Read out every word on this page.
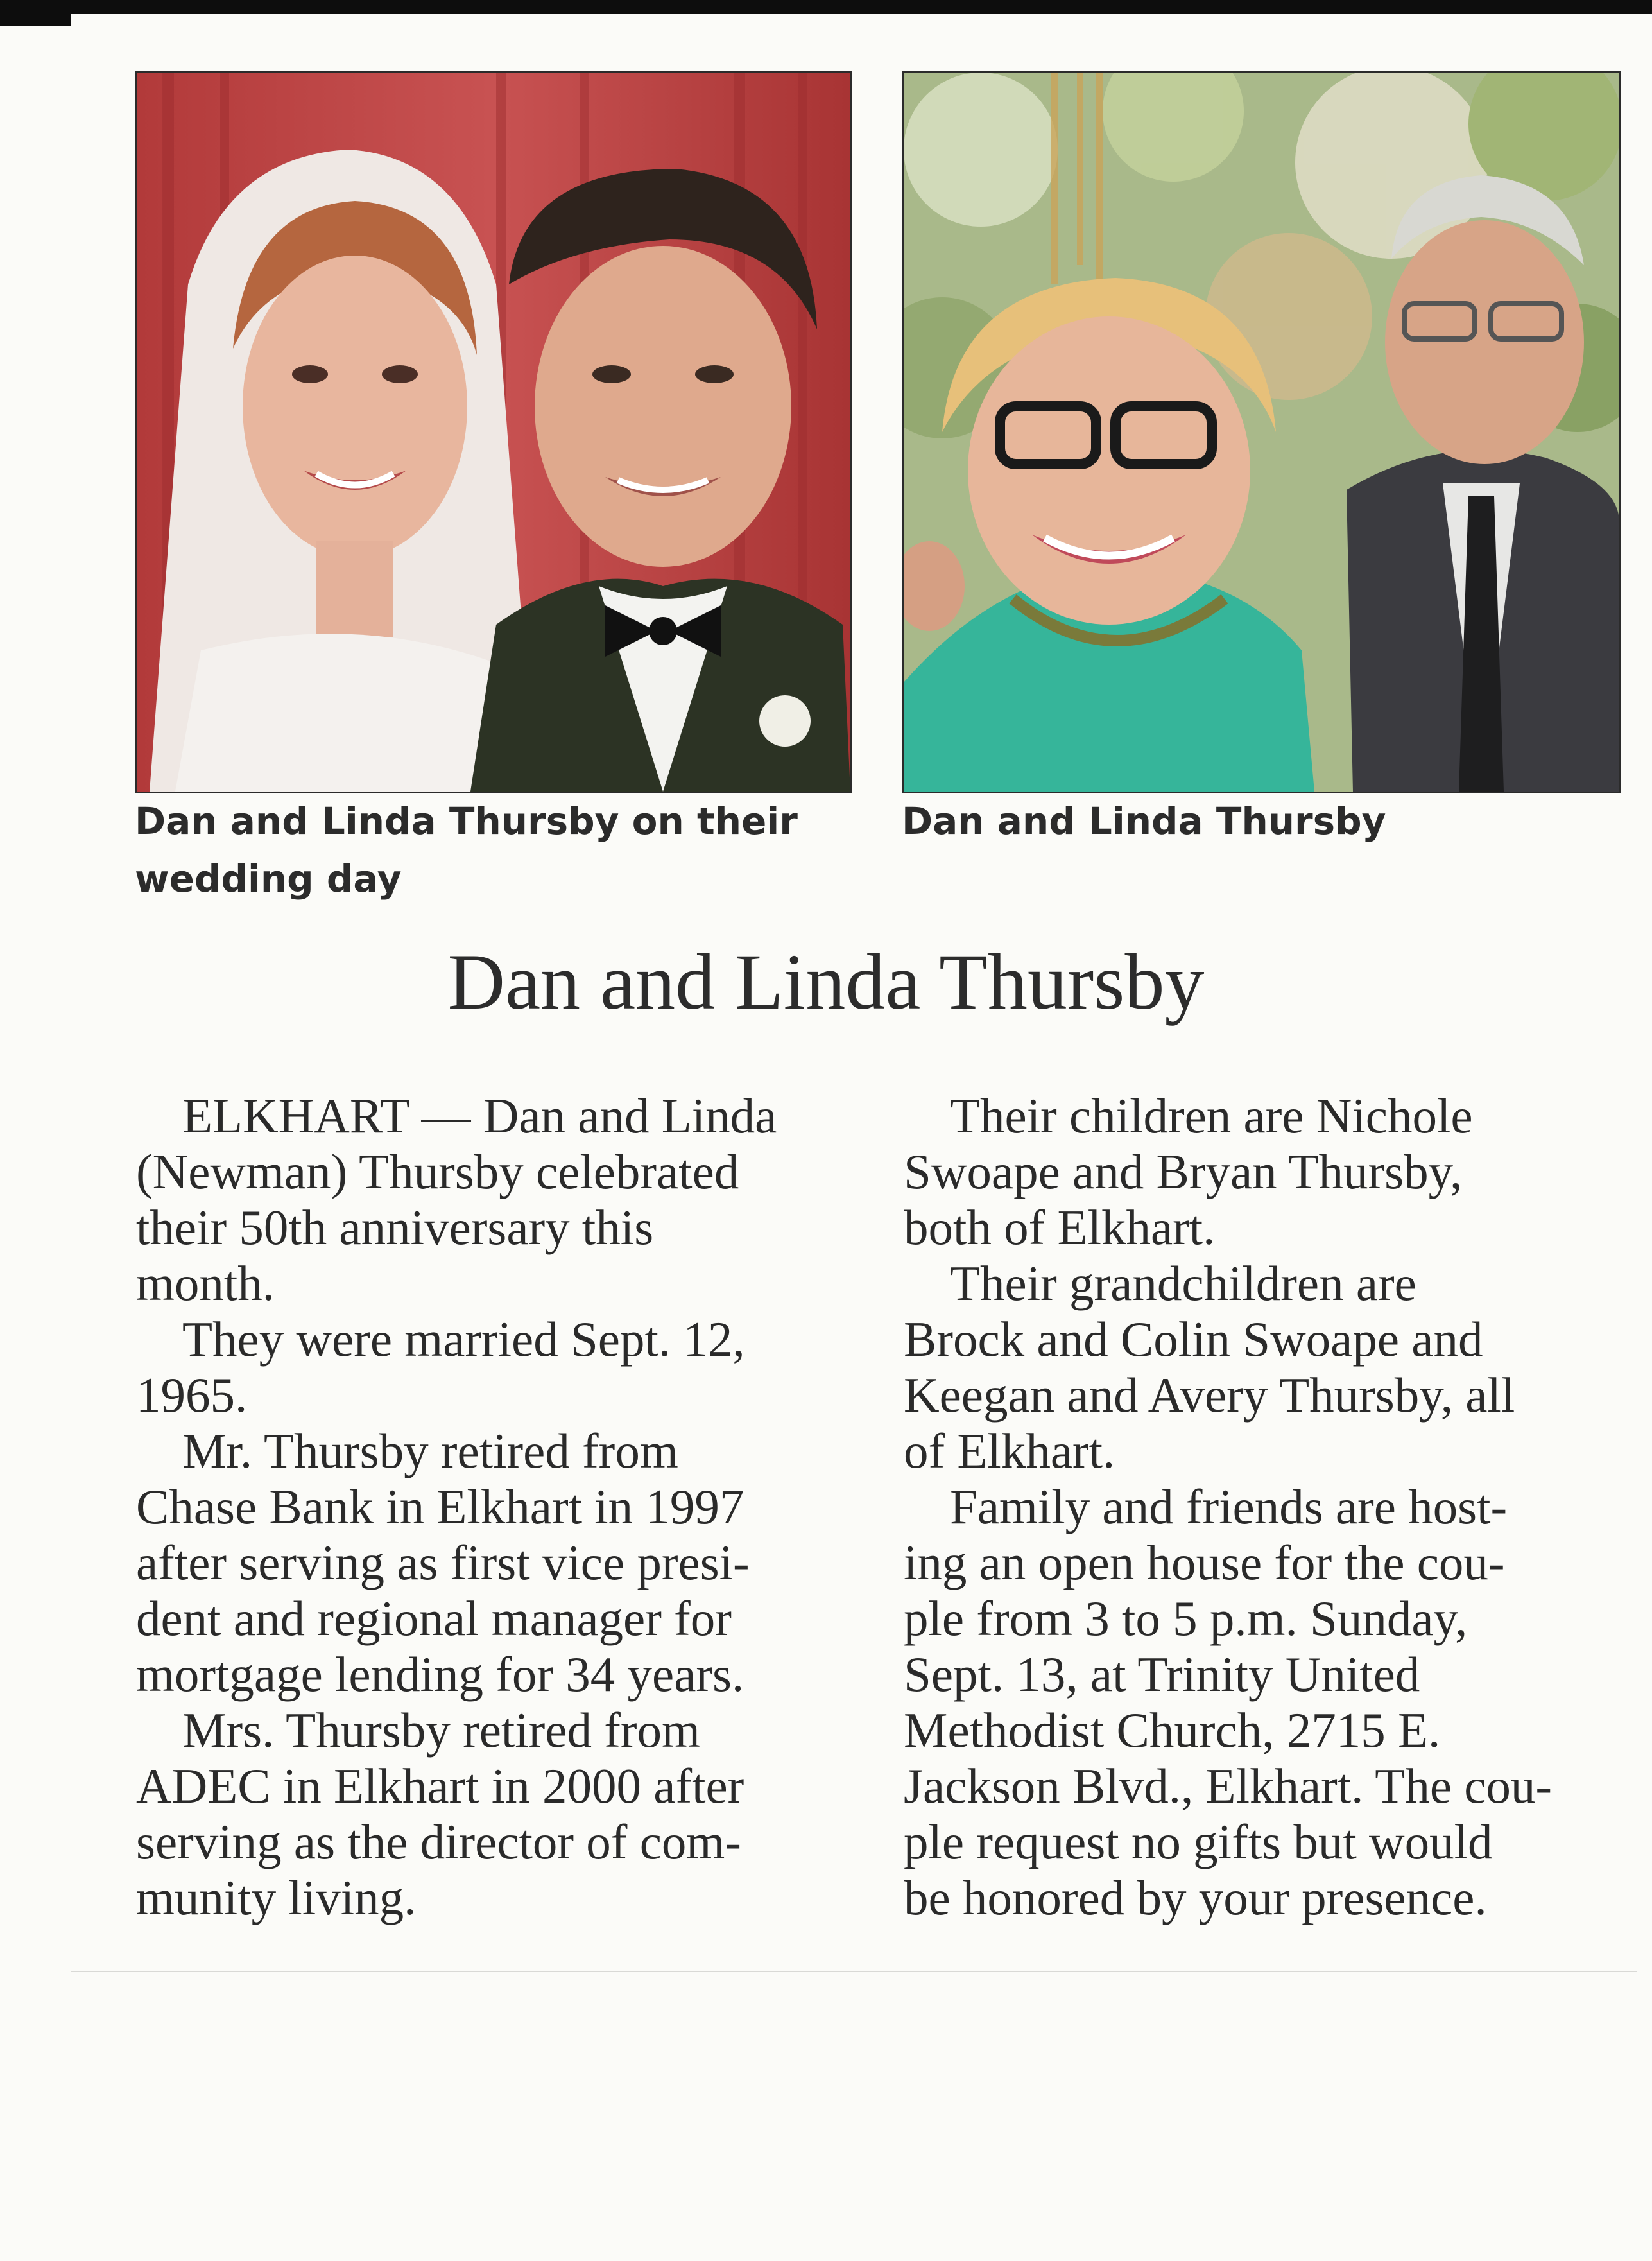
Dan and Linda Thursby on their wedding day
Dan and Linda Thursby
Dan and Linda Thursby

ELKHART — Dan and Linda

(Newman) Thursby celebrated

their 50th anniversary this

month.

They were married Sept. 12,

1965.

Mr. Thursby retired from

Chase Bank in Elkhart in 1997

after serving as first vice presi-

dent and regional manager for

mortgage lending for 34 years.

Mrs. Thursby retired from

ADEC in Elkhart in 2000 after

serving as the director of com-

munity living.

Their children are Nichole

Swoape and Bryan Thursby,

both of Elkhart.

Their grandchildren are

Brock and Colin Swoape and

Keegan and Avery Thursby, all

of Elkhart.

Family and friends are host-

ing an open house for the cou-

ple from 3 to 5 p.m. Sunday,

Sept. 13, at Trinity United

Methodist Church, 2715 E.

Jackson Blvd., Elkhart. The cou-

ple request no gifts but would

be honored by your presence.
